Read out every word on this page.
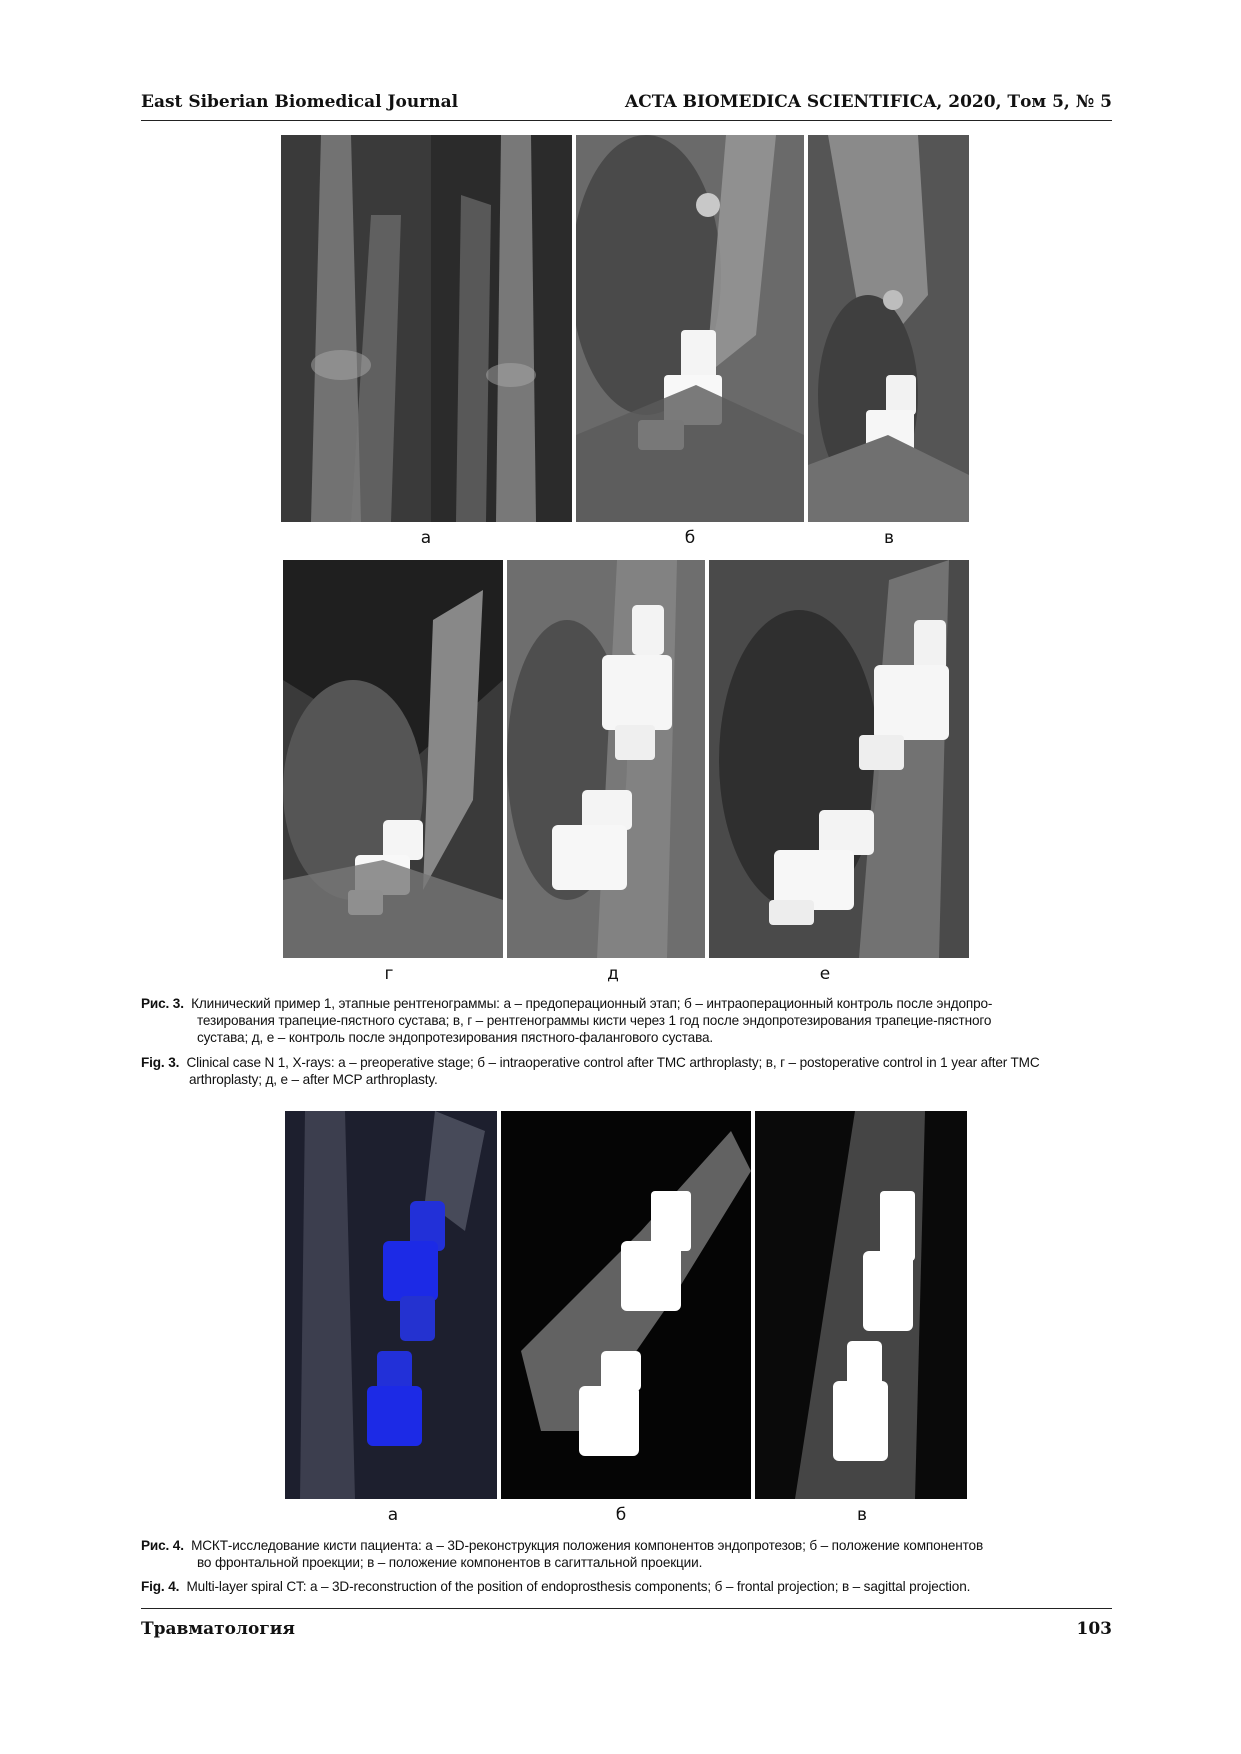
East Siberian Biomedical Journal	ACTA BIOMEDICA SCIENTIFICA, 2020, Том 5, № 5
а	б	в
г	д	е
Рис. 3. Клинический пример 1, этапные рентгенограммы: а – предоперационный этап; б – интраоперационный контроль после эндопро-
тезирования трапецие-пястного сустава; в, г – рентгенограммы кисти через 1 год после эндопротезирования трапецие-пястного
сустава; д, е – контроль после эндопротезирования пястного-фалангового сустава.
Fig. 3. Clinical case N 1, X-rays: а – preoperative stage; б – intraoperative control after TMC arthroplasty; в, г – postoperative control in 1 year after TMC
arthroplasty; д, е – after MCP arthroplasty.
а	б	в
Рис. 4. МСКТ-исследование кисти пациента: а – 3D-реконструкция положения компонентов эндопротезов; б – положение компонентов
во фронтальной проекции; в – положение компонентов в сагиттальной проекции.
Fig. 4. Multi-layer spiral CT: а – 3D-reconstruction of the position of endoprosthesis components; б – frontal projection; в – sagittal projection.
Травматология	103
